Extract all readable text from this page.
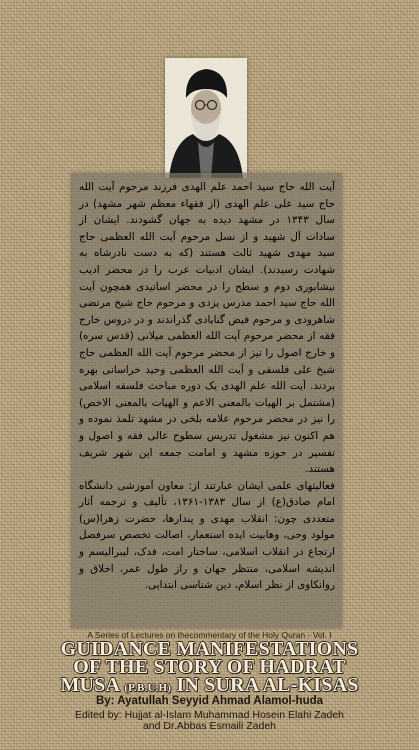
آیت الله حاج سید احمد علم الهدی فرزند مرحوم آیت الله حاج سید علی علم الهدی (از فقهاء معظم شهر مشهد) در سال ۱۳۴۳ در مشهد دیده به جهان گشودند. ایشان از سادات آل شهید و از نسل مرحوم آیت الله العظمی حاج سید مهدی شهید ثالث هستند (که به دست نادرشاه به شهادت رسیدند). ایشان ادبیات عرب را در محضر ادیب نیشابوری دوم و سطح را در محضر اساتیدی همچون آیت الله حاج سید احمد مدرس یزدی و مرحوم حاج شیخ مرتضی شاهرودی و مرحوم فیض گنابادی گذراندند و در دروس خارج فقه از محضر مرحوم آیت الله العظمی میلانی (قدس سره) و خارج اصول را نیز از محضر مرحوم آیت الله العظمی حاج شیخ علی فلسفی و آیت الله العظمی وحید خراسانی بهره بردند. آیت الله علم الهدی یک دوره مباحث فلسفه اسلامی (مشتمل بر الهیات بالمعنی الاعم و الهیات بالمعنی الاخص) را نیز در محضر مرحوم علامه بلخی در مشهد تلمذ نموده و هم اکنون نیز مشغول تدریس سطوح عالی فقه و اصول و تفسیر در حوزه مشهد و امامت جمعه این شهر شریف هستند.

فعالیتهای علمی ایشان عبارتند از: معاون آموزشی دانشگاه امام صادق(ع) از سال ۱۳۸۳-۱۳۶۱، تألیف و ترجمه آثار متعددی چون: انقلاب مهدی و پندارها، حضرت زهرا(س) مولود وحی، وهابیت ایده استعمار، اصالت تخصص سرفصل ارتجاع در انقلاب اسلامی، ساختار امت، فدک، لیبرالیسم و اندیشه اسلامی، منتظر جهان و راز طول عمر، اخلاق و روانکاوی از نظر اسلام، دین شناسی ابتدایی.

A Series of Lectures on thecommentary of the Holy Quran - Vol. I
GUIDANCE MANIFESTATIONS
OF THE STORY OF HADRAT
MUSA (P.B.U.H) IN SURA AL-KISAS
By: Ayatullah Seyyid Ahmad Alamol-huda
Edited by: Hujjat al-Islam Muhammad Hosein Elahi Zadeh
and Dr.Abbas Esmaili Zadeh
